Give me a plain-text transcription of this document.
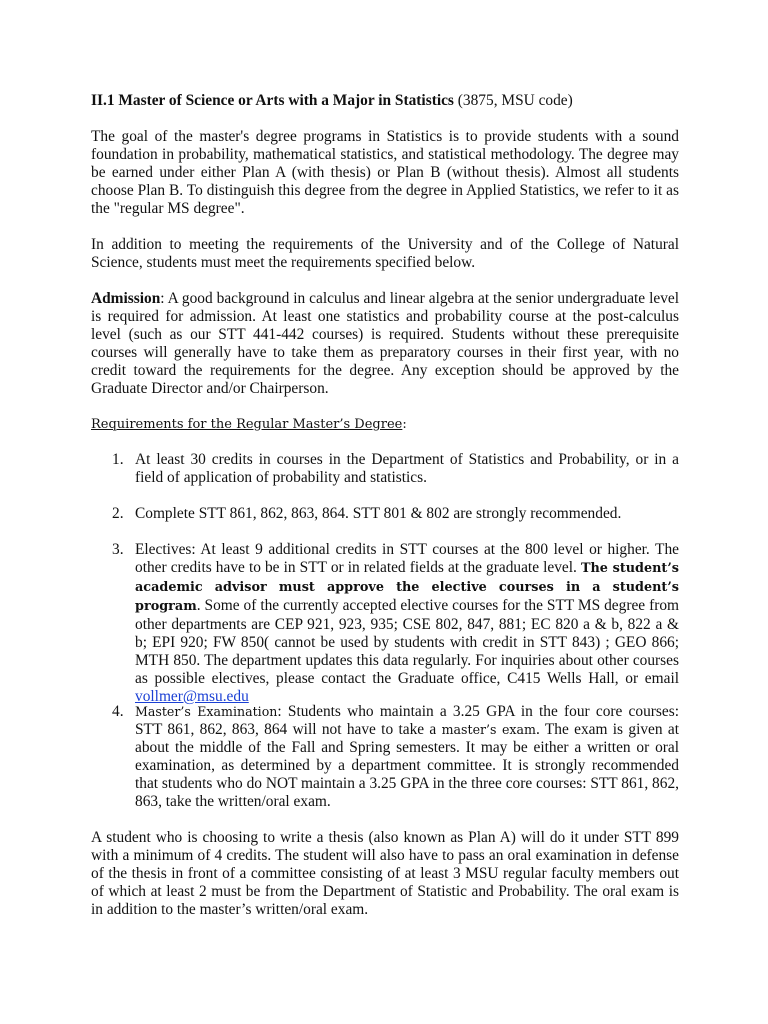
II.1 Master of Science or Arts with a Major in Statistics (3875, MSU code)

The goal of the master's degree programs in Statistics is to provide students with a sound foundation in probability, mathematical statistics, and statistical methodology. The degree may be earned under either Plan A (with thesis) or Plan B (without thesis). Almost all students choose Plan B. To distinguish this degree from the degree in Applied Statistics, we refer to it as the "regular MS degree".

In addition to meeting the requirements of the University and of the College of Natural Science, students must meet the requirements specified below.

Admission: A good background in calculus and linear algebra at the senior undergraduate level is required for admission. At least one statistics and probability course at the post-calculus level (such as our STT 441-442 courses) is required. Students without these prerequisite courses will generally have to take them as preparatory courses in their first year, with no credit toward the requirements for the degree. Any exception should be approved by the Graduate Director and/or Chairperson.

Requirements for the Regular Master’s Degree:

1. At least 30 credits in courses in the Department of Statistics and Probability, or in a field of application of probability and statistics.
2. Complete STT 861, 862, 863, 864. STT 801 & 802 are strongly recommended.
3. Electives: At least 9 additional credits in STT courses at the 800 level or higher. The other credits have to be in STT or in related fields at the graduate level. The student’s academic advisor must approve the elective courses in a student’s program. Some of the currently accepted elective courses for the STT MS degree from other departments are CEP 921, 923, 935; CSE 802, 847, 881; EC 820 a & b, 822 a & b; EPI 920; FW 850( cannot be used by students with credit in STT 843) ; GEO 866; MTH 850. The department updates this data regularly. For inquiries about other courses as possible electives, please contact the Graduate office, C415 Wells Hall, or email vollmer@msu.edu
4. Master’s Examination: Students who maintain a 3.25 GPA in the four core courses: STT 861, 862, 863, 864 will not have to take a master’s exam. The exam is given at about the middle of the Fall and Spring semesters. It may be either a written or oral examination, as determined by a department committee. It is strongly recommended that students who do NOT maintain a 3.25 GPA in the three core courses: STT 861, 862, 863, take the written/oral exam.

A student who is choosing to write a thesis (also known as Plan A) will do it under STT 899 with a minimum of 4 credits. The student will also have to pass an oral examination in defense of the thesis in front of a committee consisting of at least 3 MSU regular faculty members out of which at least 2 must be from the Department of Statistic and Probability. The oral exam is in addition to the master’s written/oral exam.
